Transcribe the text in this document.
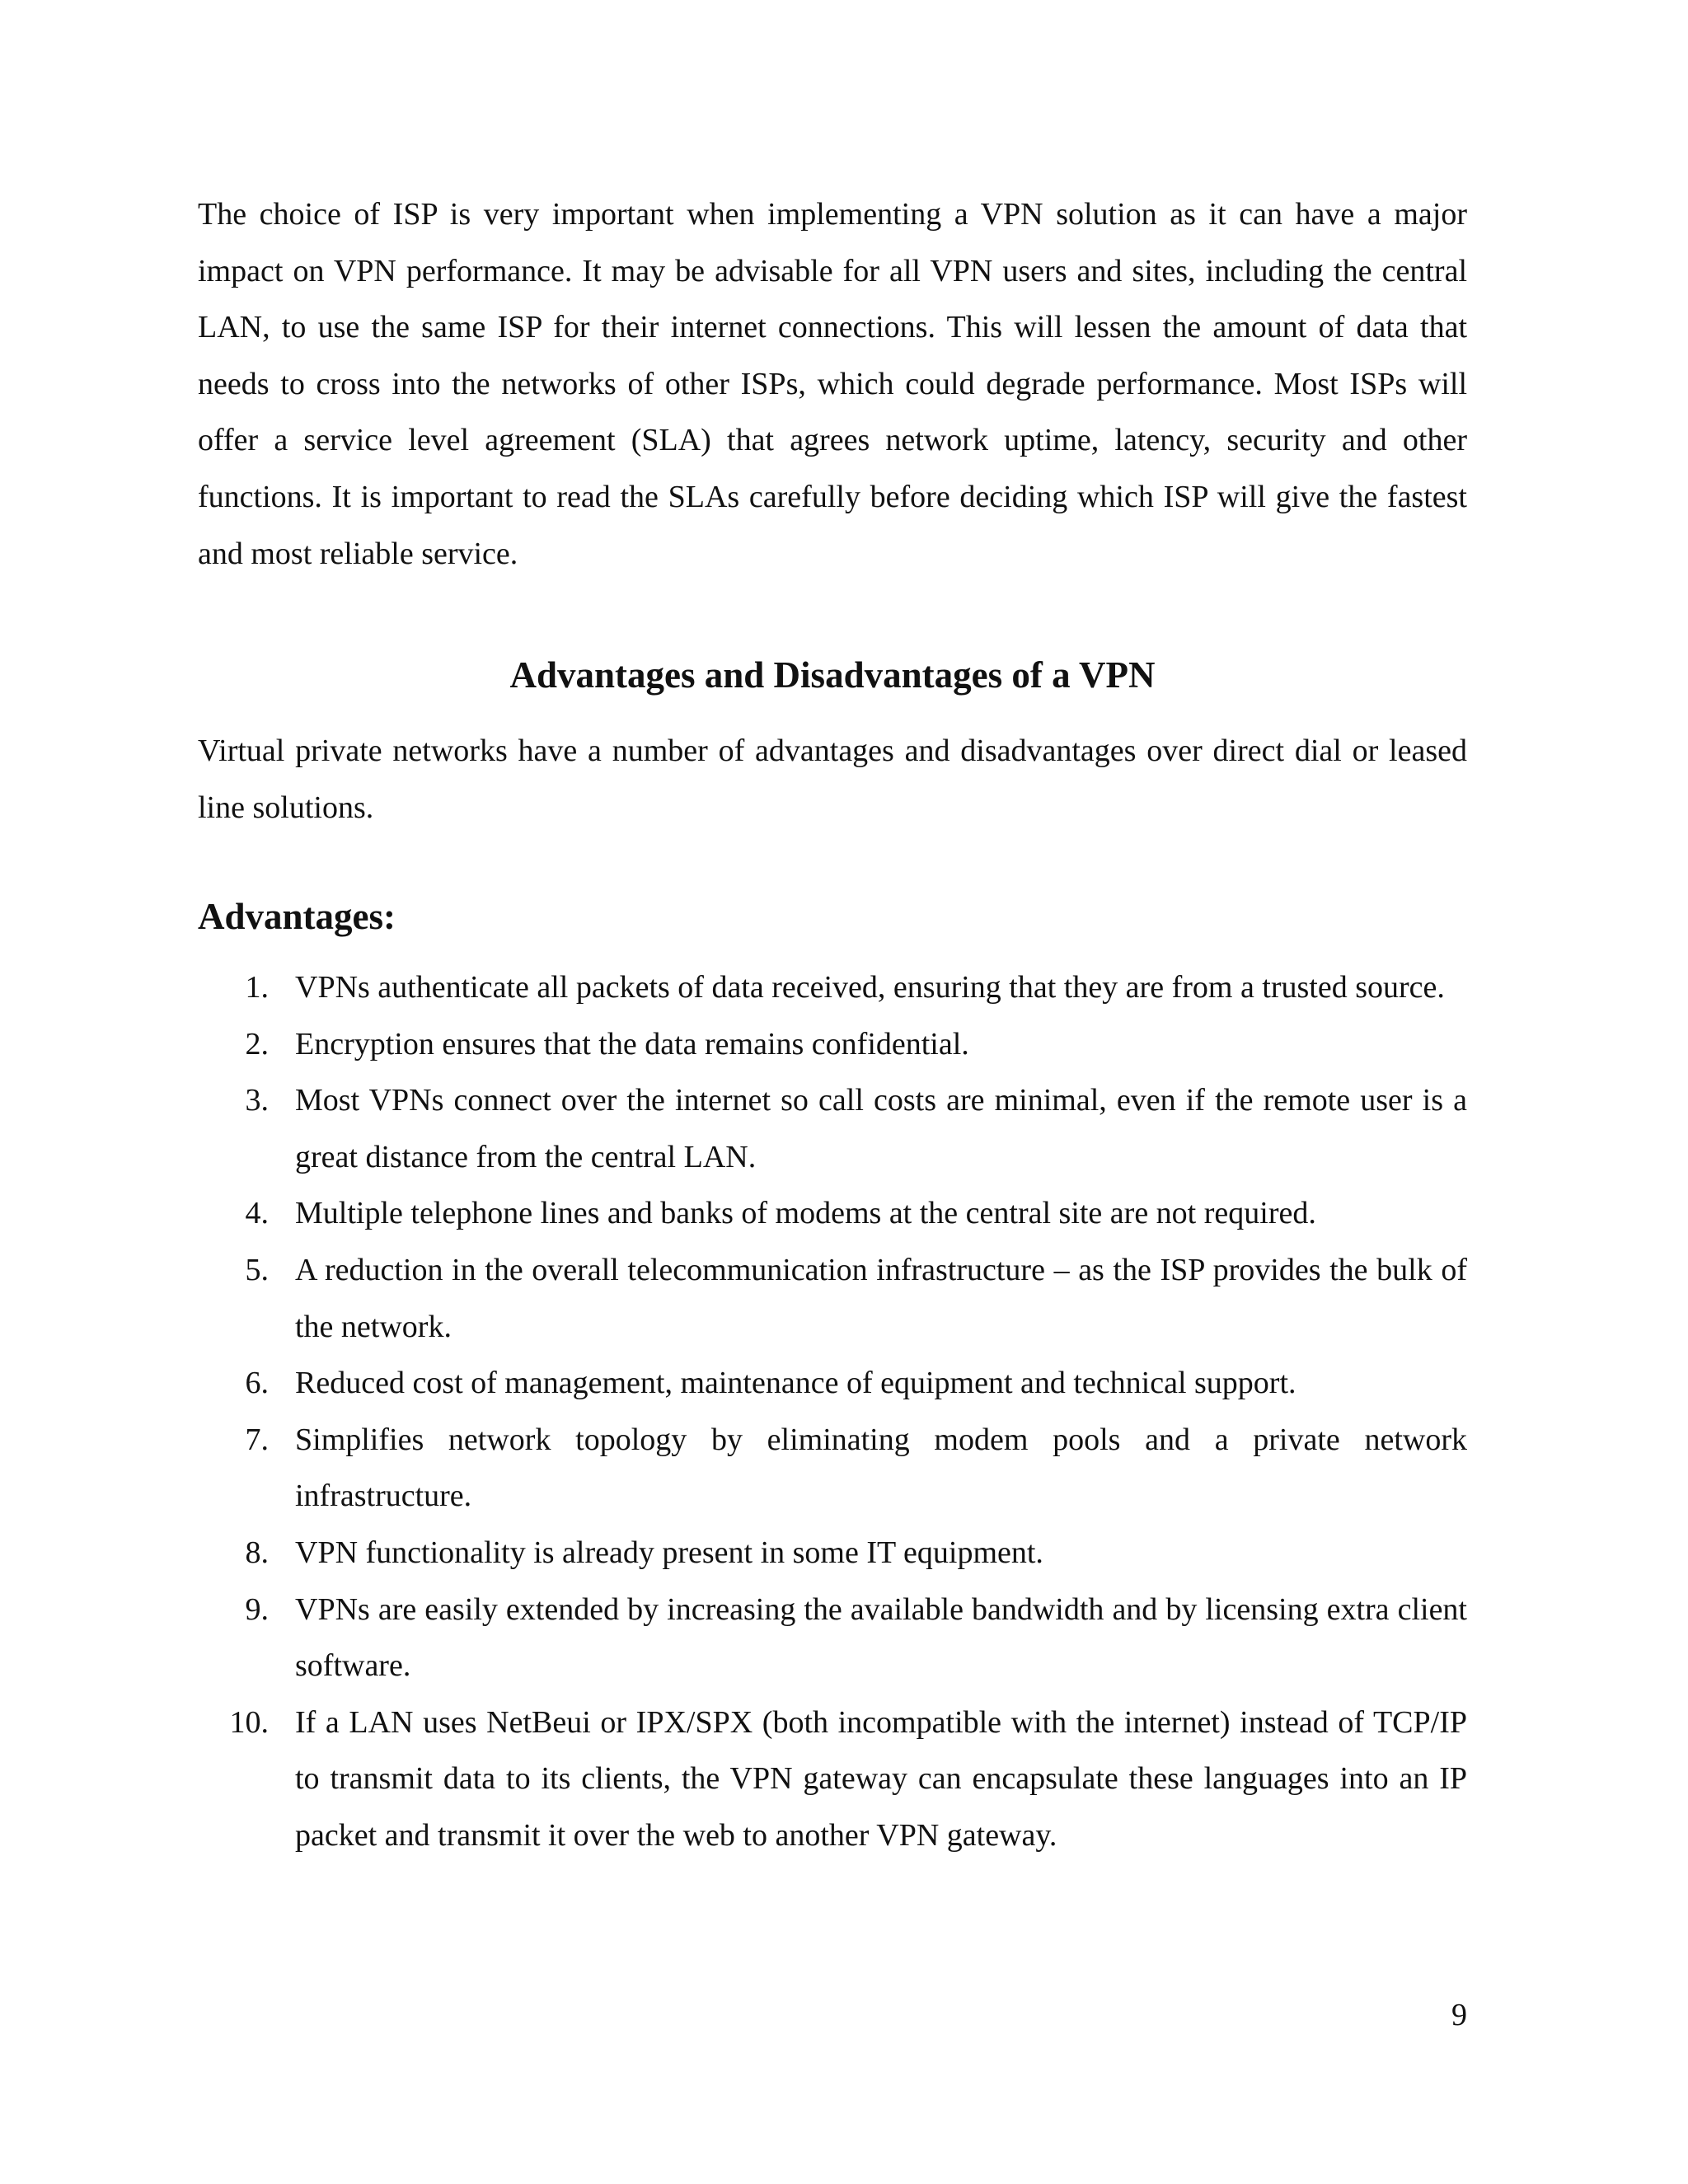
The choice of ISP is very important when implementing a VPN solution as it can have a major impact on VPN performance. It may be advisable for all VPN users and sites, including the central LAN, to use the same ISP for their internet connections. This will lessen the amount of data that needs to cross into the networks of other ISPs, which could degrade performance. Most ISPs will offer a service level agreement (SLA) that agrees network uptime, latency, security and other functions. It is important to read the SLAs carefully before deciding which ISP will give the fastest and most reliable service.

Advantages and Disadvantages of a VPN

Virtual private networks have a number of advantages and disadvantages over direct dial or leased line solutions.

Advantages:
1. VPNs authenticate all packets of data received, ensuring that they are from a trusted source.
2. Encryption ensures that the data remains confidential.
3. Most VPNs connect over the internet so call costs are minimal, even if the remote user is a great distance from the central LAN.
4. Multiple telephone lines and banks of modems at the central site are not required.
5. A reduction in the overall telecommunication infrastructure – as the ISP provides the bulk of the network.
6. Reduced cost of management, maintenance of equipment and technical support.
7. Simplifies network topology by eliminating modem pools and a private network infrastructure.
8. VPN functionality is already present in some IT equipment.
9. VPNs are easily extended by increasing the available bandwidth and by licensing extra client software.
10. If a LAN uses NetBeui or IPX/SPX (both incompatible with the internet) instead of TCP/IP to transmit data to its clients, the VPN gateway can encapsulate these languages into an IP packet and transmit it over the web to another VPN gateway.
9
